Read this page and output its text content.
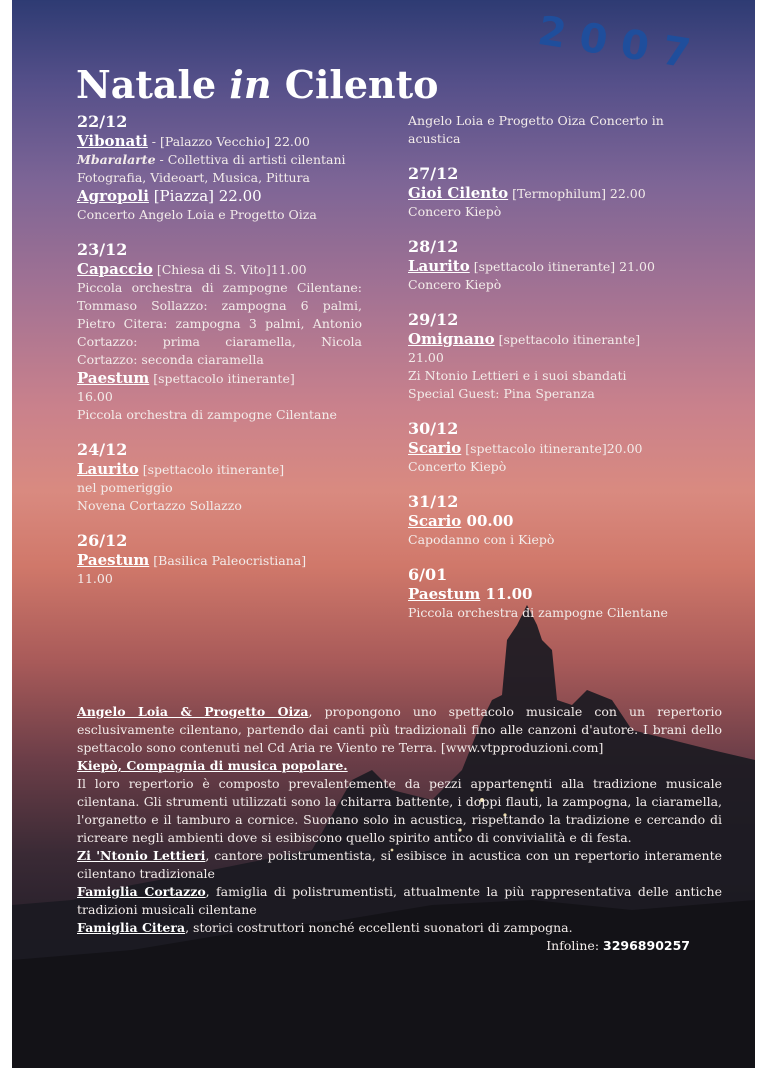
2007
Natale in Cilento
22/12
Vibonati - [Palazzo Vecchio] 22.00
Mbaralarte - Collettiva di artisti cilentani
Fotografia, Videoart, Musica, Pittura
Agropoli [Piazza] 22.00
Concerto Angelo Loia e Progetto Oiza
23/12
Capaccio [Chiesa di S. Vito]11.00
Piccola orchestra di zampogne Cilentane: Tommaso Sollazzo: zampogna 6 palmi, Pietro Citera: zampogna 3 palmi, Antonio Cortazzo: prima ciaramella, Nicola Cortazzo: seconda ciaramella
Paestum [spettacolo itinerante]
16.00
Piccola orchestra di zampogne Cilentane
24/12
Laurito [spettacolo itinerante]
nel pomeriggio
Novena Cortazzo Sollazzo
26/12
Paestum [Basilica Paleocristiana]
11.00
Angelo Loia e Progetto Oiza Concerto in acustica
27/12
Gioi Cilento [Termophilum] 22.00
Concero Kiepò
28/12
Laurito [spettacolo itinerante] 21.00
Concero Kiepò
29/12
Omignano [spettacolo itinerante]
21.00
Zi Ntonio Lettieri e i suoi sbandati
Special Guest: Pina Speranza
30/12
Scario [spettacolo itinerante]20.00
Concerto Kiepò
31/12
Scario 00.00
Capodanno con i Kiepò
6/01
Paestum 11.00
Piccola orchestra di zampogne Cilentane

Angelo Loia & Progetto Oiza, propongono uno spettacolo musicale con un repertorio esclusivamente cilentano, partendo dai canti più tradizionali fino alle canzoni d'autore. I brani dello spettacolo sono contenuti nel Cd Aria re Viento re Terra. [www.vtpproduzioni.com]

Kiepò, Compagnia di musica popolare.

Il loro repertorio è composto prevalentemente da pezzi appartenenti alla tradizione musicale cilentana. Gli strumenti utilizzati sono la chitarra battente, i doppi flauti, la zampogna, la ciaramella, l'organetto e il tamburo a cornice. Suonano solo in acustica, rispettando la tradizione e cercando di ricreare negli ambienti dove si esibiscono quello spirito antico di convivialità e di festa.

Zi 'Ntonio Lettieri, cantore polistrumentista, si esibisce in acustica con un repertorio interamente cilentano tradizionale

Famiglia Cortazzo, famiglia di polistrumentisti, attualmente la più rappresentativa delle antiche tradizioni musicali cilentane

Famiglia Citera, storici costruttori nonché eccellenti suonatori di zampogna.

Infoline: 3296890257
